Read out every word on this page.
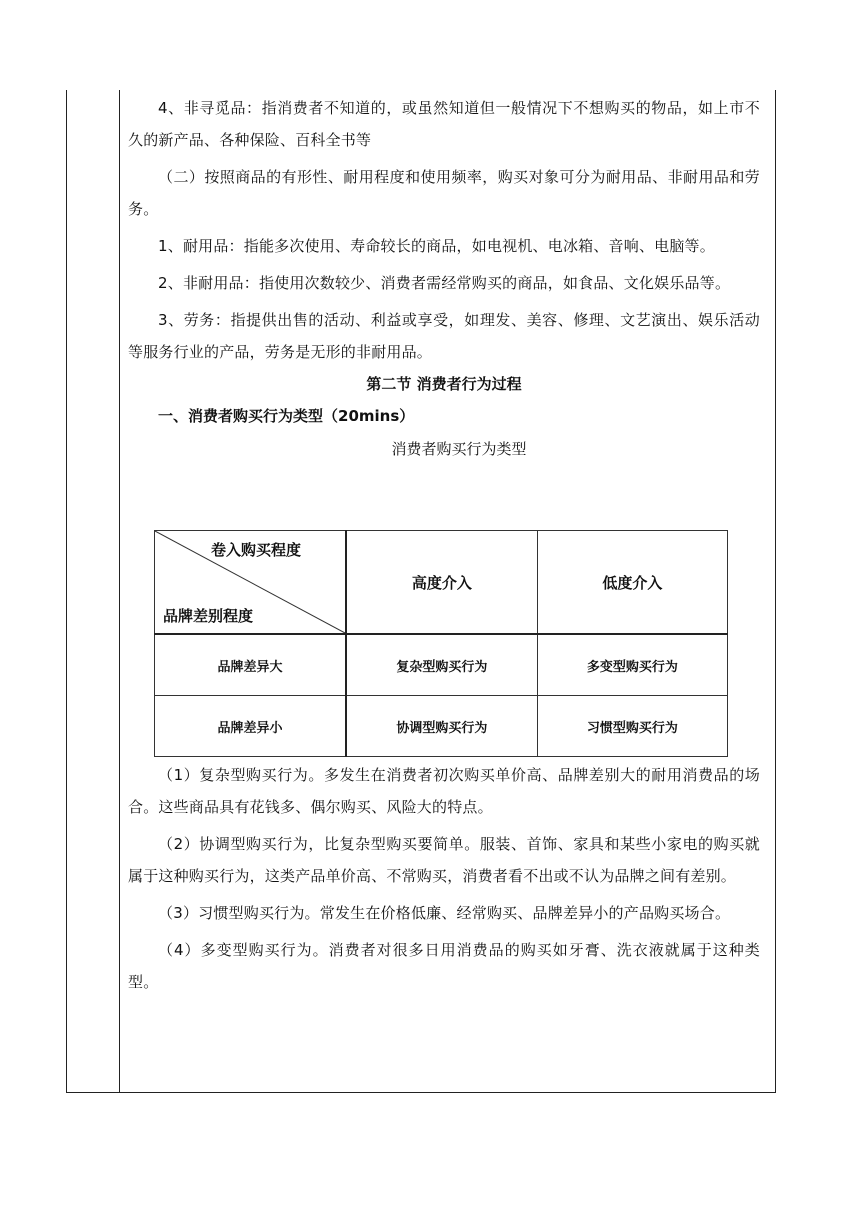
4、非寻觅品：指消费者不知道的，或虽然知道但一般情况下不想购买的物品，如上市不久的新产品、各种保险、百科全书等

（二）按照商品的有形性、耐用程度和使用频率，购买对象可分为耐用品、非耐用品和劳务。

1、耐用品：指能多次使用、寿命较长的商品，如电视机、电冰箱、音响、电脑等。

2、非耐用品：指使用次数较少、消费者需经常购买的商品，如食品、文化娱乐品等。

3、劳务：指提供出售的活动、利益或享受，如理发、美容、修理、文艺演出、娱乐活动等服务行业的产品，劳务是无形的非耐用品。

第二节 消费者行为过程

一、消费者购买行为类型（20mins）

消费者购买行为类型

卷入购买程度
品牌差别程度	高度介入	低度介入
品牌差异大	复杂型购买行为	多变型购买行为
品牌差异小	协调型购买行为	习惯型购买行为

（1）复杂型购买行为。多发生在消费者初次购买单价高、品牌差别大的耐用消费品的场合。这些商品具有花钱多、偶尔购买、风险大的特点。

（2）协调型购买行为，比复杂型购买要简单。服装、首饰、家具和某些小家电的购买就属于这种购买行为，这类产品单价高、不常购买，消费者看不出或不认为品牌之间有差别。

（3）习惯型购买行为。常发生在价格低廉、经常购买、品牌差异小的产品购买场合。

（4）多变型购买行为。消费者对很多日用消费品的购买如牙膏、洗衣液就属于这种类型。
